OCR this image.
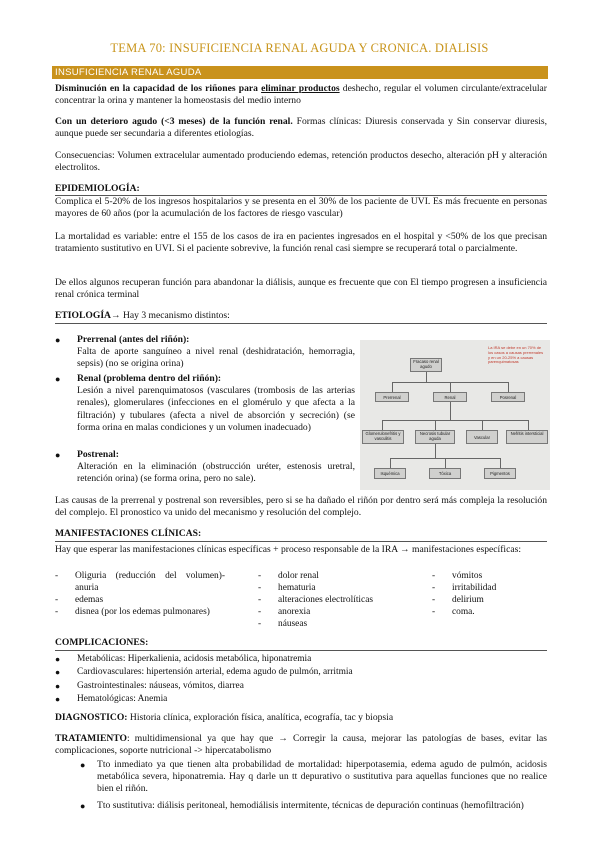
TEMA 70: INSUFICIENCIA RENAL AGUDA Y CRONICA. DIALISIS
INSUFICIENCIA RENAL AGUDA
Disminución en la capacidad de los riñones para eliminar productos deshecho, regular el volumen circulante/extracelular concentrar la orina y mantener la homeostasis del medio interno
Con un deterioro agudo (<3 meses) de la función renal. Formas clínicas: Diuresis conservada y Sin conservar diuresis, aunque puede ser secundaria a diferentes etiologías.
Consecuencias: Volumen extracelular aumentado produciendo edemas, retención productos desecho, alteración pH y alteración electrolitos.
EPIDEMIOLOGÍA:
Complica el 5-20% de los ingresos hospitalarios y se presenta en el 30% de los paciente de UVI. Es más frecuente en personas mayores de 60 años (por la acumulación de los factores de riesgo vascular)
La mortalidad es variable: entre el 155 de los casos de ira en pacientes ingresados en el hospital y <50% de los que precisan tratamiento sustitutivo en UVI. Si el paciente sobrevive, la función renal casi siempre se recuperará total o parcialmente.
De ellos algunos recuperan función para abandonar la diálisis, aunque es frecuente que con El tiempo progresen a insuficiencia renal crónica terminal
ETIOLOGÍA→ Hay 3 mecanismo distintos:
● Prerrenal (antes del riñón):
Falta de aporte sanguíneo a nivel renal (deshidratación, hemorragia, sepsis) (no se origina orina)
● Renal (problema dentro del riñón):
Lesión a nivel parenquimatosos (vasculares (trombosis de las arterias renales), glomerulares (infecciones en el glomérulo y que afecta a la filtración) y tubulares (afecta a nivel de absorción y secreción) (se forma orina en malas condiciones y un volumen inadecuado)
● Postrenal:
Alteración en la eliminación (obstrucción uréter, estenosis uretral, retención orina) (se forma orina, pero no sale).
La IRA se debe en un 70% de los casos a causas prerrenales y en un 20-25% a causas parenquimatosas
Fracaso renal agudo
Prerrenal	Renal	Posrenal
Glomerulonefritis y vasculitis
Necrosis tubular aguda	Vascular
Nefritis intersticial
Isquémica	Tóxica	Pigmentos
Las causas de la prerrenal y postrenal son reversibles, pero si se ha dañado el riñón por dentro será más compleja la resolución del complejo. El pronostico va unido del mecanismo y resolución del complejo.
MANIFESTACIONES CLÍNICAS:
Hay que esperar las manifestaciones clínicas específicas + proceso responsable de la IRA → manifestaciones específicas:
- Oliguria (reducción del volumen)-anuria
- edemas
- disnea (por los edemas pulmonares)
- dolor renal
- hematuria
- alteraciones electrolíticas
- anorexia
- náuseas
- vómitos
- irritabilidad
- delirium
- coma.
COMPLICACIONES:
● Metabólicas: Hiperkalienia, acidosis metabólica, hiponatremia
● Cardiovasculares: hipertensión arterial, edema agudo de pulmón, arritmia
● Gastrointestinales: náuseas, vómitos, diarrea
● Hematológicas: Anemia
DIAGNOSTICO: Historia clínica, exploración física, analítica, ecografía, tac y biopsia
TRATAMIENTO: multidimensional ya que hay que → Corregir la causa, mejorar las patologías de bases, evitar las complicaciones, soporte nutricional -> hipercatabolismo
● Tto inmediato ya que tienen alta probabilidad de mortalidad: hiperpotasemia, edema agudo de pulmón, acidosis metabólica severa, hiponatremia. Hay q darle un tt depurativo o sustitutiva para aquellas funciones que no realice bien el riñón.
● Tto sustitutiva: diálisis peritoneal, hemodiálisis intermitente, técnicas de depuración continuas (hemofiltración)
